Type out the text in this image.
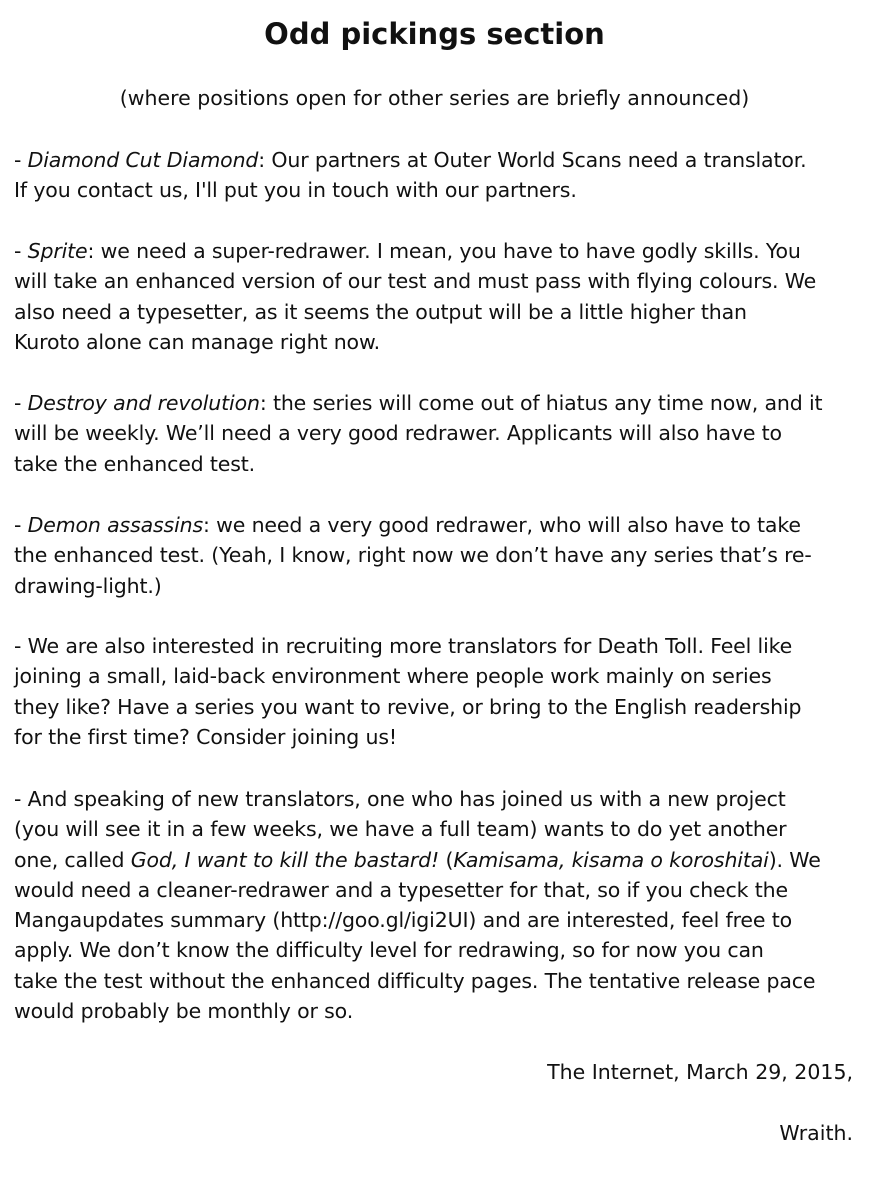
Odd pickings section

(where positions open for other series are briefly announced)

- Diamond Cut Diamond: Our partners at Outer World Scans need a translator.
If you contact us, I'll put you in touch with our partners.
- Sprite: we need a super-redrawer. I mean, you have to have godly skills. You
will take an enhanced version of our test and must pass with flying colours. We
also need a typesetter, as it seems the output will be a little higher than
Kuroto alone can manage right now.
- Destroy and revolution: the series will come out of hiatus any time now, and it
will be weekly. We’ll need a very good redrawer. Applicants will also have to
take the enhanced test.
- Demon assassins: we need a very good redrawer, who will also have to take
the enhanced test. (Yeah, I know, right now we don’t have any series that’s re-
drawing-light.)
- We are also interested in recruiting more translators for Death Toll. Feel like
joining a small, laid-back environment where people work mainly on series
they like? Have a series you want to revive, or bring to the English readership
for the first time? Consider joining us!
- And speaking of new translators, one who has joined us with a new project
(you will see it in a few weeks, we have a full team) wants to do yet another
one, called God, I want to kill the bastard! (Kamisama, kisama o koroshitai). We
would need a cleaner-redrawer and a typesetter for that, so if you check the
Mangaupdates summary (http://goo.gl/igi2UI) and are interested, feel free to
apply. We don’t know the difficulty level for redrawing, so for now you can
take the test without the enhanced difficulty pages. The tentative release pace
would probably be monthly or so.

The Internet, March 29, 2015,

Wraith.
